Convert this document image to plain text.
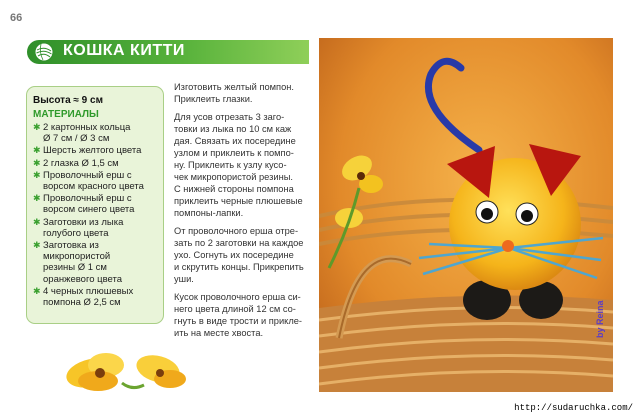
66
КОШКА КИТТИ
Высота ≈ 9 см
МАТЕРИАЛЫ
✱ 2 картонных кольца
Ø 7 см / Ø 3 см
✱ Шерсть желтого цвета
✱ 2 глазка Ø 1,5 см
✱ Проволочный ерш с
ворсом красного цвета
✱ Проволочный ерш с
ворсом синего цвета
✱ Заготовки из лыка
голубого цвета
✱ Заготовка из
микропористой
резины Ø 1 см
оранжевого цвета
✱ 4 черных плюшевых
помпона Ø 2,5 см

Изготовить желтый помпон.
Приклеить глазки.

Для усов отрезать 3 заго-
товки из лыка по 10 см каж
дая. Связать их посередине
узлом и приклеить к помпо-
ну. Приклеить к узлу кусо-
чек микропористой резины.
С нижней стороны помпона
приклеить черные плюшевые
помпоны-лапки.

От проволочного ерша отре-
зать по 2 заготовки на каждое
ухо. Согнуть их посередине
и скрутить концы. Прикрепить
уши.

Кусок проволочного ерша си-
него цвета длиной 12 см со-
гнуть в виде трости и прикле-
ить на месте хвоста.	by Reina
http://sudaruchka.com/
